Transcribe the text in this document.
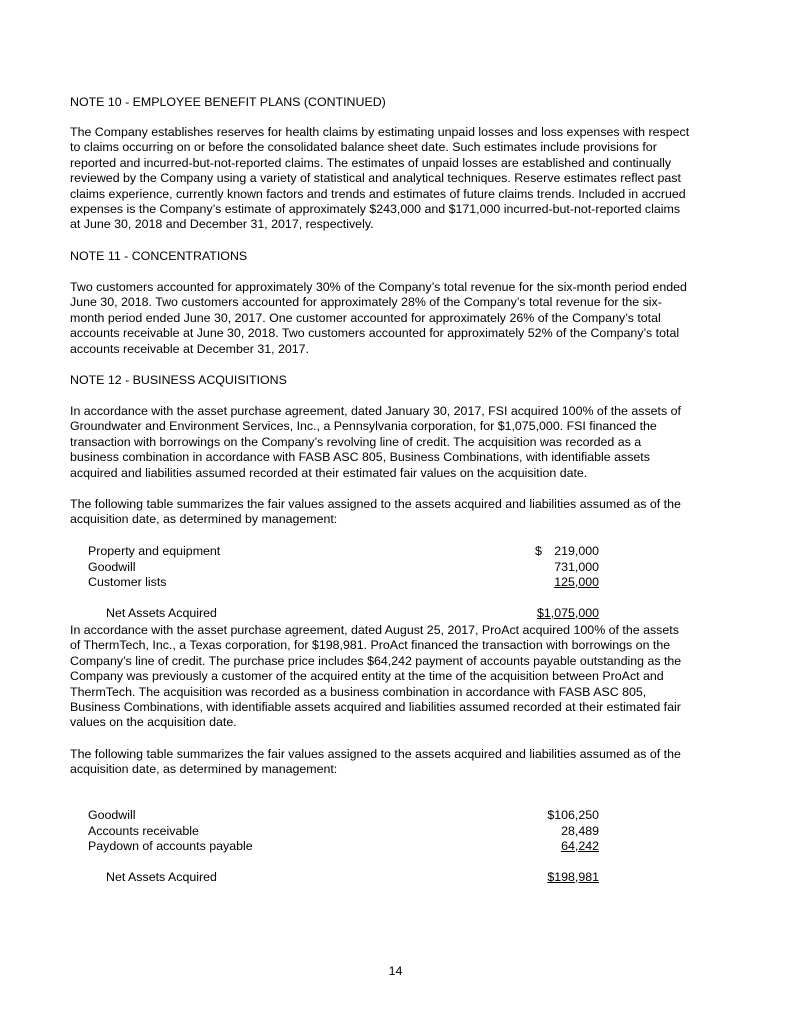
NOTE 10 - EMPLOYEE BENEFIT PLANS (CONTINUED)
The Company establishes reserves for health claims by estimating unpaid losses and loss expenses with respect
to claims occurring on or before the consolidated balance sheet date. Such estimates include provisions for
reported and incurred-but-not-reported claims. The estimates of unpaid losses are established and continually
reviewed by the Company using a variety of statistical and analytical techniques. Reserve estimates reflect past
claims experience, currently known factors and trends and estimates of future claims trends. Included in accrued
expenses is the Company’s estimate of approximately $243,000 and $171,000 incurred-but-not-reported claims
at June 30, 2018 and December 31, 2017, respectively.
NOTE 11 - CONCENTRATIONS
Two customers accounted for approximately 30% of the Company’s total revenue for the six-month period ended
June 30, 2018. Two customers accounted for approximately 28% of the Company’s total revenue for the six-
month period ended June 30, 2017. One customer accounted for approximately 26% of the Company’s total
accounts receivable at June 30, 2018. Two customers accounted for approximately 52% of the Company’s total
accounts receivable at December 31, 2017.
NOTE 12 - BUSINESS ACQUISITIONS
In accordance with the asset purchase agreement, dated January 30, 2017, FSI acquired 100% of the assets of
Groundwater and Environment Services, Inc., a Pennsylvania corporation, for $1,075,000. FSI financed the
transaction with borrowings on the Company’s revolving line of credit. The acquisition was recorded as a
business combination in accordance with FASB ASC 805, Business Combinations, with identifiable assets
acquired and liabilities assumed recorded at their estimated fair values on the acquisition date.
The following table summarizes the fair values assigned to the assets acquired and liabilities assumed as of the
acquisition date, as determined by management:
Property and equipment	$ 219,000
Goodwill	731,000
Customer lists	125,000
Net Assets Acquired	$1,075,000
In accordance with the asset purchase agreement, dated August 25, 2017, ProAct acquired 100% of the assets
of ThermTech, Inc., a Texas corporation, for $198,981. ProAct financed the transaction with borrowings on the
Company’s line of credit. The purchase price includes $64,242 payment of accounts payable outstanding as the
Company was previously a customer of the acquired entity at the time of the acquisition between ProAct and
ThermTech. The acquisition was recorded as a business combination in accordance with FASB ASC 805,
Business Combinations, with identifiable assets acquired and liabilities assumed recorded at their estimated fair
values on the acquisition date.
The following table summarizes the fair values assigned to the assets acquired and liabilities assumed as of the
acquisition date, as determined by management:
Goodwill	$106,250
Accounts receivable	28,489
Paydown of accounts payable	64,242
Net Assets Acquired	$198,981
14
